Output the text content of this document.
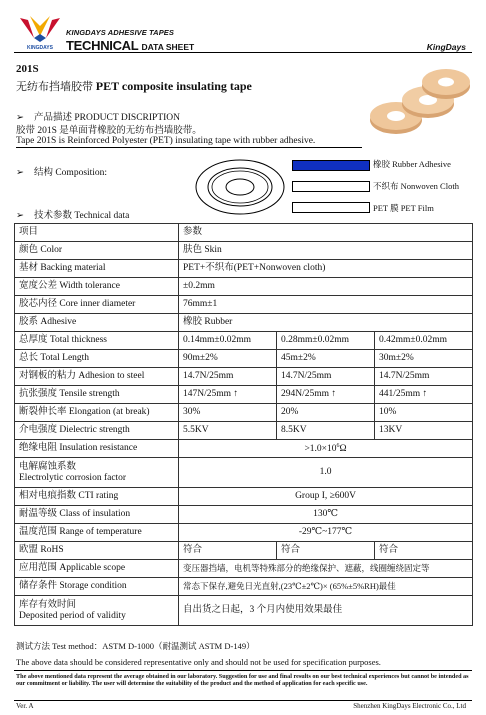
KINGDAYS
KINGDAYS ADHESIVE TAPES
TECHNICAL DATA SHEET	KingDays
201S
无纺布挡墙胶带 PET composite insulating tape
➢ 产品描述 PRODUCT DISCRIPTION
胶带 201S 是单面背橡胶的无纺布挡墙胶带。
Tape 201S is Reinforced Polyester (PET) insulating tape with rubber adhesive.
➢ 结构 Composition:
橡胶 Rubber Adhesive
不织布 Nonwoven Cloth
PET 膜 PET Film
➢ 技术参数 Technical data
项目	参数		
颜色 Color	肤色 Skin		
基材 Backing material	PET+不织布(PET+Nonwoven cloth)		
宽度公差 Width tolerance	±0.2mm		
胶芯内径 Core inner diameter	76mm±1		
胶系 Adhesive	橡胶 Rubber		
总厚度 Total thickness	0.14mm±0.02mm	0.28mm±0.02mm	0.42mm±0.02mm
总长 Total Length	90m±2%	45m±2%	30m±2%
对钢板的粘力 Adhesion to steel	14.7N/25mm	14.7N/25mm	14.7N/25mm
抗张强度 Tensile strength	147N/25mm ↑	294N/25mm ↑	441/25mm ↑
断裂伸长率 Elongation (at break)	30%	20%	10%
介电强度 Dielectric strength	5.5KV	8.5KV	13KV
绝缘电阻 Insulation resistance	$>1.0\times 10^6\Omega$		

电解腐蚀系数
Electrolytic corrosion factor	1.0		
相对电痕指数 CTI rating	Group I, ≥600V		
耐温等级 Class of insulation	130℃		
温度范围 Range of temperature	-29℃~177℃		
欧盟 RoHS	符合	符合	符合
应用范围 Applicable scope	变压器挡墙，电机等特殊部分的绝缘保护、遮蔽，线圈缠绕固定等		
储存条件 Storage condition	常态下保存,避免日光直射,(23℃±2℃)× (65%±5%RH)最佳		

库存有效时间
Deposited period of validity	自出货之日起，3 个月内使用效果最佳		
测试方法 Test method：ASTM D-1000（耐温测试 ASTM D-149）
The above data should be considered representative only and should not be used for specification purposes.
The above mentioned data represent the average obtained in our laboratory. Suggestion for use and final results on our best technical experiences but cannot be intended as our commitment or liability. The user will determine the suitability of the product and the method of application for each specific use.
Ver. A	Shenzhen KingDays Electronic Co., Ltd
